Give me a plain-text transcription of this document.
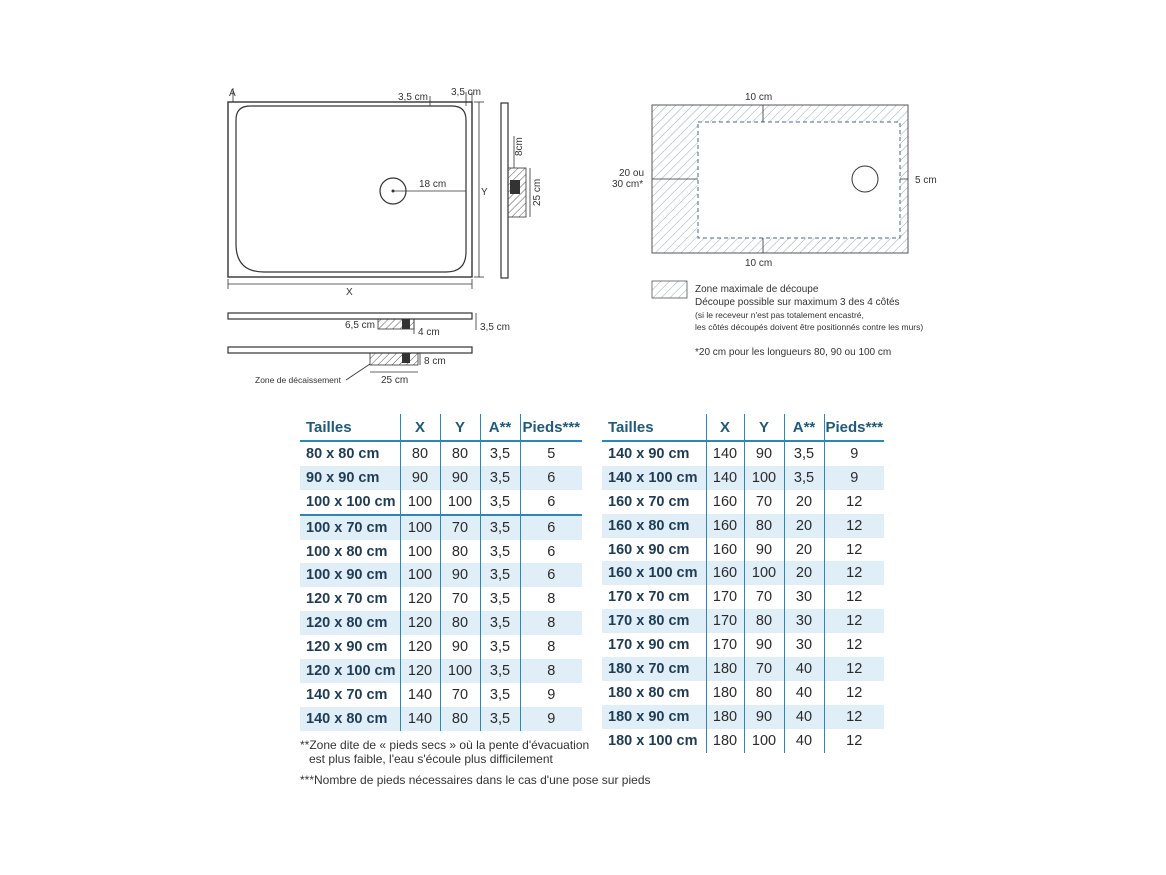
A	3,5 cm 3,5 cm
18 cm
Y
X
8cm
25 cm
6,5 cm
4 cm	3,5 cm
8 cm
Zone de décaissement	25 cm
10 cm
10 cm
20 ou
30 cm*	5 cm
Zone maximale de découpe
Découpe possible sur maximum 3 des 4 côtés
(si le receveur n'est pas totalement encastré,
les côtés découpés doivent être positionnés contre les murs)
*20 cm pour les longueurs 80, 90 ou 100 cm
Tailles	X	Y	A**	Pieds***
80 x 80 cm	80	80	3,5	5
90 x 90 cm	90	90	3,5	6
100 x 100 cm	100	100	3,5	6
100 x 70 cm	100	70	3,5	6
100 x 80 cm	100	80	3,5	6
100 x 90 cm	100	90	3,5	6
120 x 70 cm	120	70	3,5	8
120 x 80 cm	120	80	3,5	8
120 x 90 cm	120	90	3,5	8
120 x 100 cm	120	100	3,5	8
140 x 70 cm	140	70	3,5	9
140 x 80 cm	140	80	3,5	9
Tailles	X	Y	A**	Pieds***
140 x 90 cm	140	90	3,5	9
140 x 100 cm	140	100	3,5	9
160 x 70 cm	160	70	20	12
160 x 80 cm	160	80	20	12
160 x 90 cm	160	90	20	12
160 x 100 cm	160	100	20	12
170 x 70 cm	170	70	30	12
170 x 80 cm	170	80	30	12
170 x 90 cm	170	90	30	12
180 x 70 cm	180	70	40	12
180 x 80 cm	180	80	40	12
180 x 90 cm	180	90	40	12
180 x 100 cm	180	100	40	12
**Zone dite de « pieds secs » où la pente d'évacuation
est plus faible, l'eau s'écoule plus difficilement
***Nombre de pieds nécessaires dans le cas d'une pose sur pieds
